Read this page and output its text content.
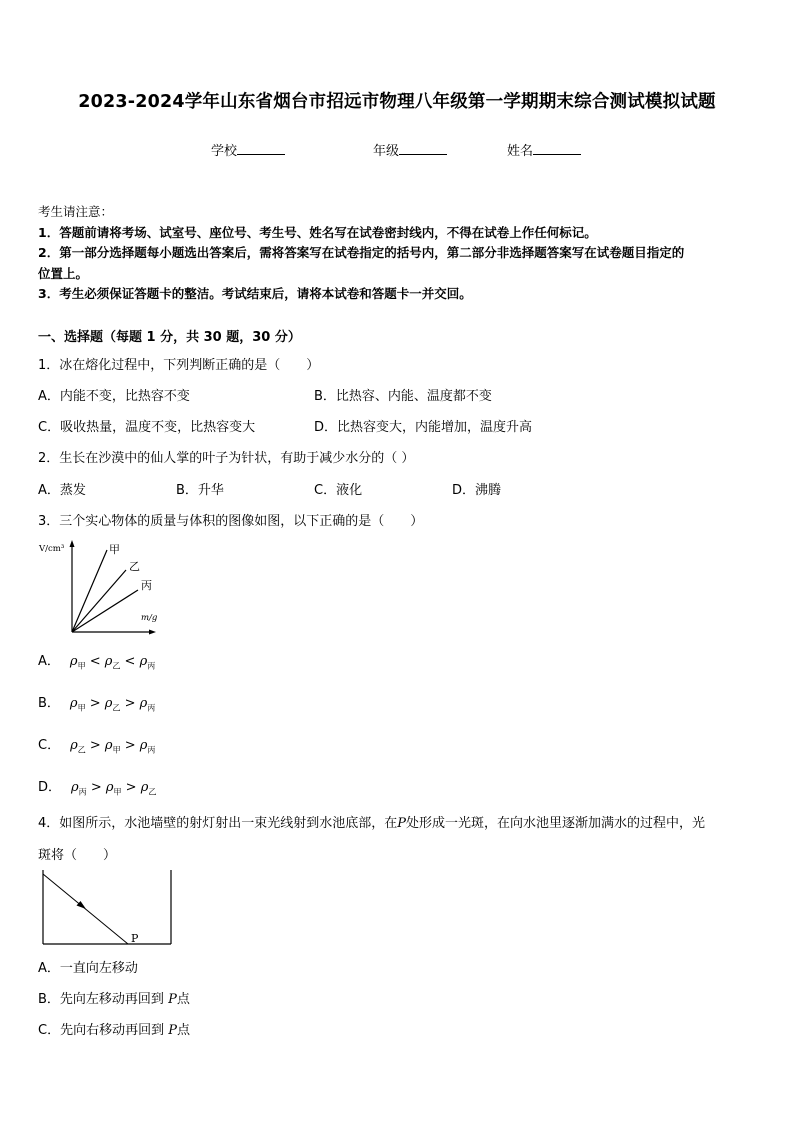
2023-2024学年山东省烟台市招远市物理八年级第一学期期末综合测试模拟试题
学校	年级	姓名
考生请注意：
1．答题前请将考场、试室号、座位号、考生号、姓名写在试卷密封线内，不得在试卷上作任何标记。
2．第一部分选择题每小题选出答案后，需将答案写在试卷指定的括号内，第二部分非选择题答案写在试卷题目指定的
位置上。
3．考生必须保证答题卡的整洁。考试结束后，请将本试卷和答题卡一并交回。
一、选择题（每题 1 分，共 30 题，30 分）
1．冰在熔化过程中，下列判断正确的是（　　）
A．内能不变，比热容不变	B．比热容、内能、温度都不变
C．吸收热量，温度不变，比热容变大	D．比热容变大，内能增加，温度升高
2．生长在沙漠中的仙人掌的叶子为针状，有助于减少水分的（ ）
A．蒸发	B．升华	C．液化	D．沸腾
3．三个实心物体的质量与体积的图像如图，以下正确的是（　　）
V/cm³
m/g
甲
乙
丙
A． $\rho_甲 < \rho_乙 < \rho_丙$
B． $\rho_甲 > \rho_乙 > \rho_丙$
C． $\rho_乙 > \rho_甲 > \rho_丙$
D． $\rho_丙 > \rho_甲 > \rho_乙$
4．如图所示，水池墙壁的射灯射出一束光线射到水池底部，在P处形成一光斑，在向水池里逐渐加满水的过程中，光
斑将（　　）
P
A．一直向左移动
B．先向左移动再回到 P点
C．先向右移动再回到 P点
